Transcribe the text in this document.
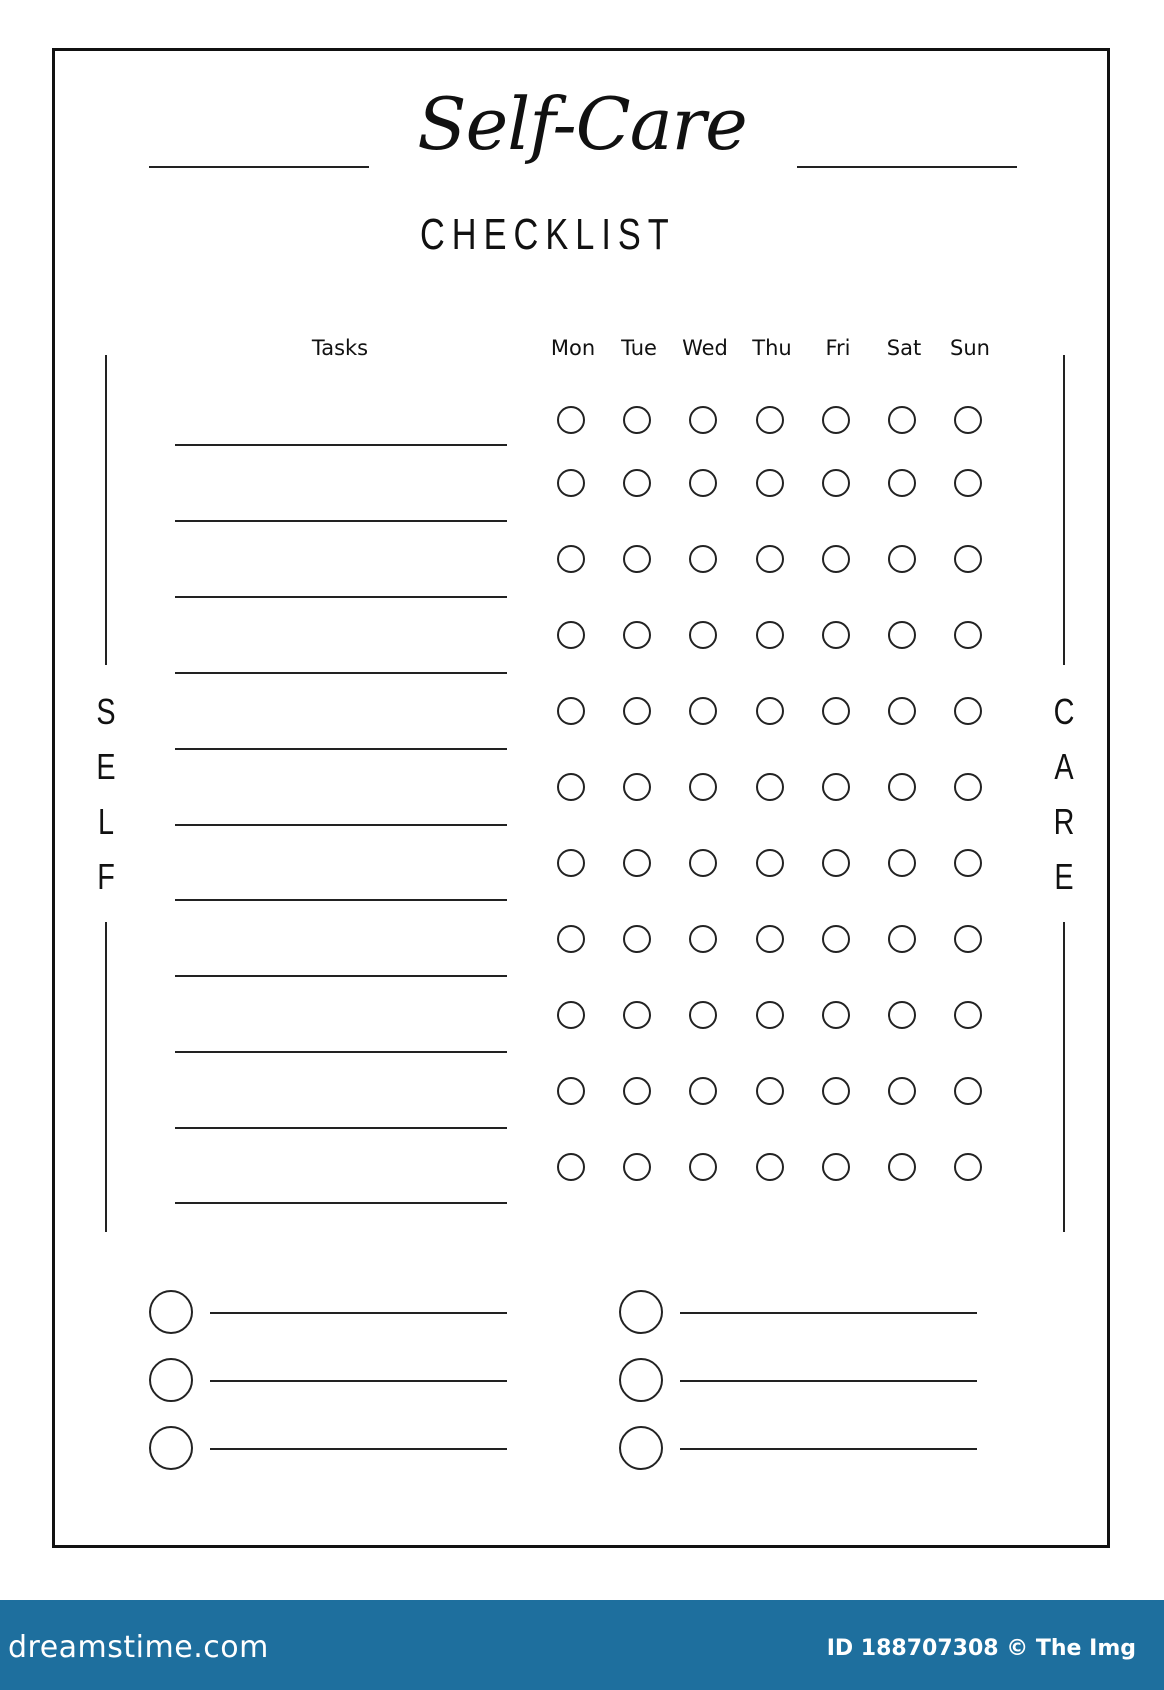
Self-Care
CHECKLIST
Tasks	Mon	Tue	Wed	Thu	Fri	Sat	Sun
S
E
L
F
C
A
R
E
dreamstime.com	ID 188707308 © The Img
